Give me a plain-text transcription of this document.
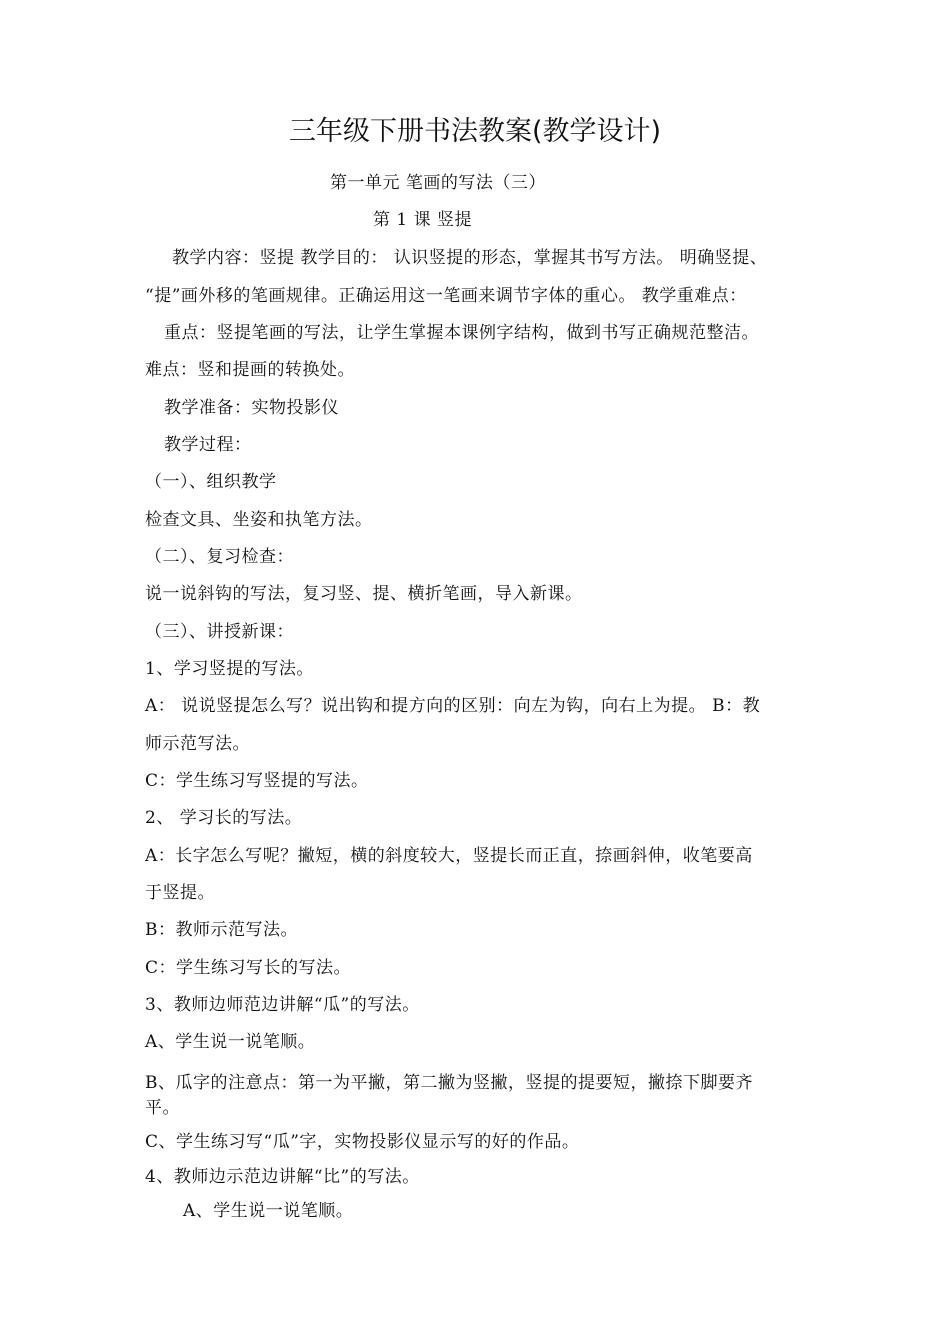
三年级下册书法教案(教学设计)
第一单元 笔画的写法（三）
第 1 课 竖提
教学内容：竖提 教学目的： 认识竖提的形态，掌握其书写方法。 明确竖提、
“提”画外移的笔画规律。正确运用这一笔画来调节字体的重心。 教学重难点：
重点：竖提笔画的写法，让学生掌握本课例字结构，做到书写正确规范整洁。
难点：竖和提画的转换处。
教学准备：实物投影仪
教学过程：
（一）、组织教学
检查文具、坐姿和执笔方法。
（二）、复习检查：
说一说斜钩的写法，复习竖、提、横折笔画，导入新课。
（三）、讲授新课：
1、学习竖提的写法。
A： 说说竖提怎么写？说出钩和提方向的区别：向左为钩，向右上为提。 B：教
师示范写法。
C：学生练习写竖提的写法。
2、 学习长的写法。
A：长字怎么写呢？撇短，横的斜度较大，竖提长而正直，捺画斜伸，收笔要高
于竖提。
B：教师示范写法。
C：学生练习写长的写法。
3、教师边师范边讲解“瓜”的写法。
A、学生说一说笔顺。
B、瓜字的注意点：第一为平撇，第二撇为竖撇，竖提的提要短，撇捺下脚要齐
平。
C、学生练习写“瓜”字，实物投影仪显示写的好的作品。
4、教师边示范边讲解“比”的写法。
A、学生说一说笔顺。
